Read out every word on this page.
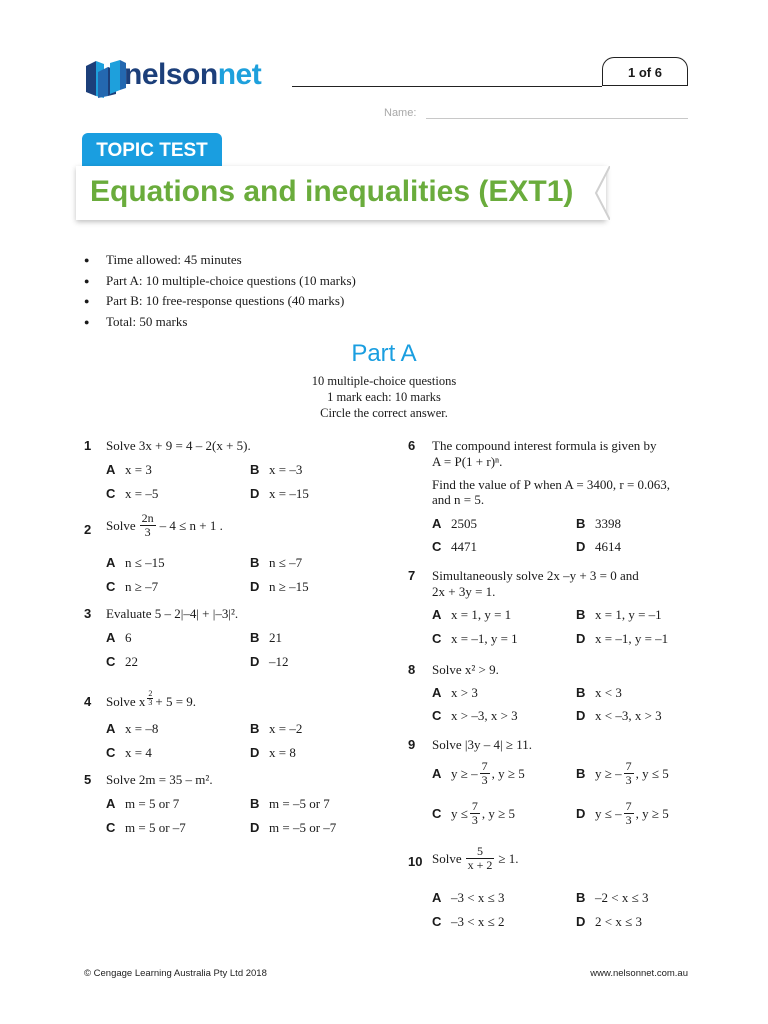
nelsonnet	1 of 6
Name:
TOPIC TEST
Equations and inequalities (EXT1)
●	Time allowed: 45 minutes
●	Part A: 10 multiple-choice questions (10 marks)
●	Part B: 10 free-response questions (40 marks)
●	Total: 50 marks
Part A
10 multiple-choice questions
1 mark each: 10 marks
Circle the correct answer.
1 Solve 3x + 9 = 4 – 2(x + 5).
A x = 3	B x = –3
C x = –5	D x = –15
2 Solve $\frac{2n}{3} - 4 \le n + 1$ .
A n ≤ –15	B n ≤ –7
C n ≥ –7	D n ≥ –15
3 Evaluate 5 – 2|–4| + |–3|².
A 6	B 21
C 22	D –12
4 Solve x $\frac{2}{3} + 5 = 9$.
A x = –8	B x = –2
C x = 4	D x = 8
5 Solve 2m = 35 – m².
A m = 5 or 7	B m = –5 or 7
C m = 5 or –7	D m = –5 or –7
6 The compound interest formula is given by
A = P(1 + r)ⁿ.
Find the value of P when A = 3400, r = 0.063,
and n = 5.
A 2505	B 3398
C 4471	D 4614
7 Simultaneously solve 2x –y + 3 = 0 and
2x + 3y = 1.
A x = 1, y = 1	B x = 1, y = –1
C x = –1, y = 1	D x = –1, y = –1
8 Solve x² > 9.
A x > 3	B x < 3
C x > –3, x > 3	D x < –3, x > 3
9 Solve |3y – 4| ≥ 11.
A y ≥ – $\frac{7}{3}$ , y ≥ 5	B y ≥ – $\frac{7}{3}$ , y ≤ 5
C $y \le \frac{7}{3}$ , y ≥ 5	D y ≤ – $\frac{7}{3}$ , y ≥ 5
10 Solve $\frac{5}{x + 2} \ge 1$.
A –3 < x ≤ 3	B –2 < x ≤ 3
C –3 < x ≤ 2	D 2 < x ≤ 3
© Cengage Learning Australia Pty Ltd 2018	www.nelsonnet.com.au
